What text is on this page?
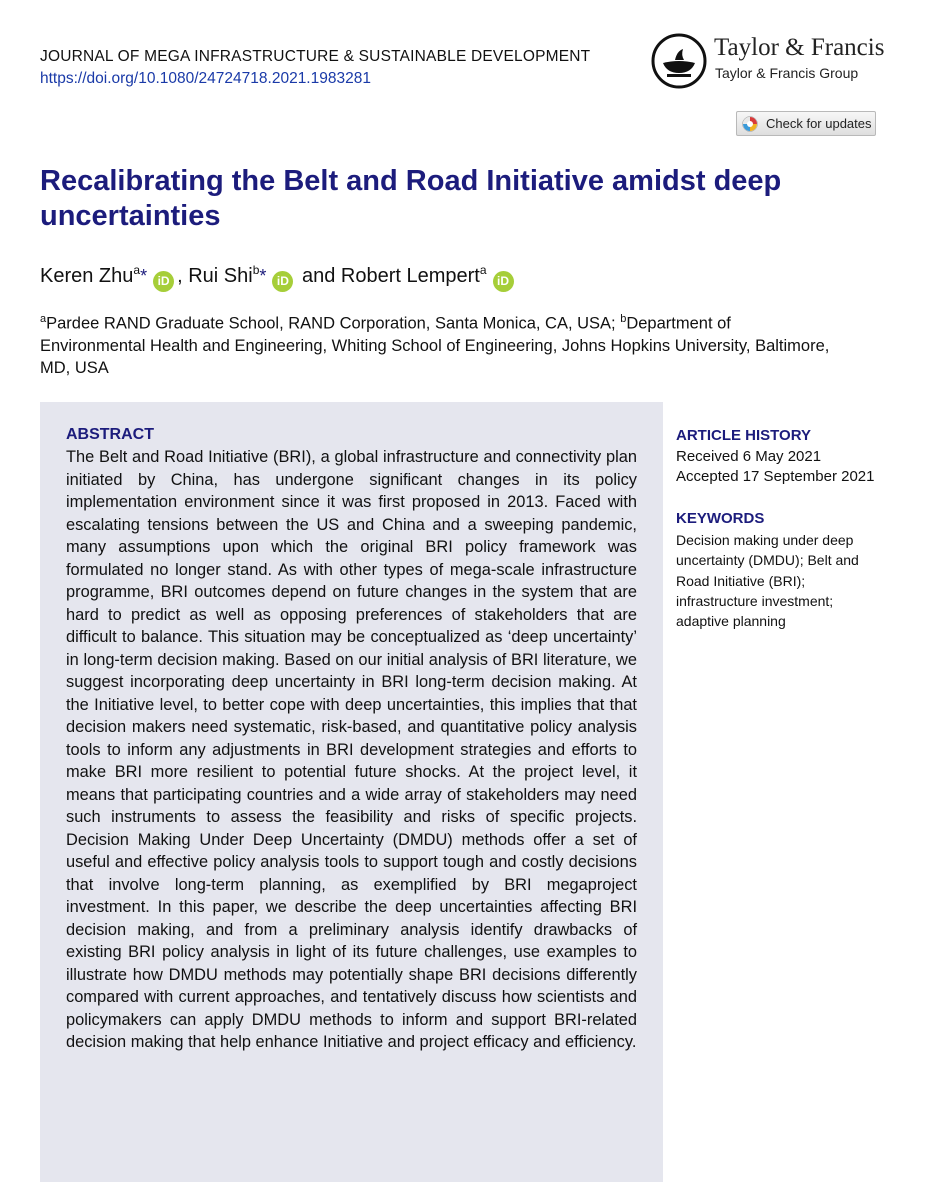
JOURNAL OF MEGA INFRASTRUCTURE & SUSTAINABLE DEVELOPMENT
https://doi.org/10.1080/24724718.2021.1983281
Taylor & Francis
Taylor & Francis Group
Check for updates
Recalibrating the Belt and Road Initiative amidst deep uncertainties
Keren Zhu$^a$* iD , Rui Shi$^b$* iD and Robert Lempert$^a$iD

$^a$Pardee RAND Graduate School, RAND Corporation, Santa Monica, CA, USA; $^b$Department of Environmental Health and Engineering, Whiting School of Engineering, Johns Hopkins University, Baltimore, MD, USA

ABSTRACT

The Belt and Road Initiative (BRI), a global infrastructure and connectivity plan initiated by China, has undergone significant changes in its policy implementation environment since it was first proposed in 2013. Faced with escalating tensions between the US and China and a sweeping pandemic, many assumptions upon which the original BRI policy framework was formulated no longer stand. As with other types of mega-scale infrastructure programme, BRI outcomes depend on future changes in the system that are hard to predict as well as opposing preferences of stakeholders that are difficult to balance. This situation may be conceptualized as ‘deep uncertainty’ in long-term decision making. Based on our initial analysis of BRI literature, we suggest incorporating deep uncertainty in BRI long-term decision making. At the Initiative level, to better cope with deep uncertainties, this implies that that decision makers need systematic, risk-based, and quantitative policy analysis tools to inform any adjustments in BRI development strategies and efforts to make BRI more resilient to potential future shocks. At the project level, it means that participating countries and a wide array of stakeholders may need such instruments to assess the feasibility and risks of specific projects. Decision Making Under Deep Uncertainty (DMDU) methods offer a set of useful and effective policy analysis tools to support tough and costly decisions that involve long-term planning, as exemplified by BRI megaproject investment. In this paper, we describe the deep uncertainties affecting BRI decision making, and from a preliminary analysis identify drawbacks of existing BRI policy analysis in light of its future challenges, use examples to illustrate how DMDU methods may potentially shape BRI decisions differently compared with current approaches, and tentatively discuss how scientists and policymakers can apply DMDU methods to inform and support BRI-related decision making that help enhance Initiative and project efficacy and efficiency.

ARTICLE HISTORY
Received 6 May 2021
Accepted 17 September 2021
KEYWORDS

Decision making under deep uncertainty (DMDU); Belt and Road Initiative (BRI); infrastructure investment; adaptive planning
